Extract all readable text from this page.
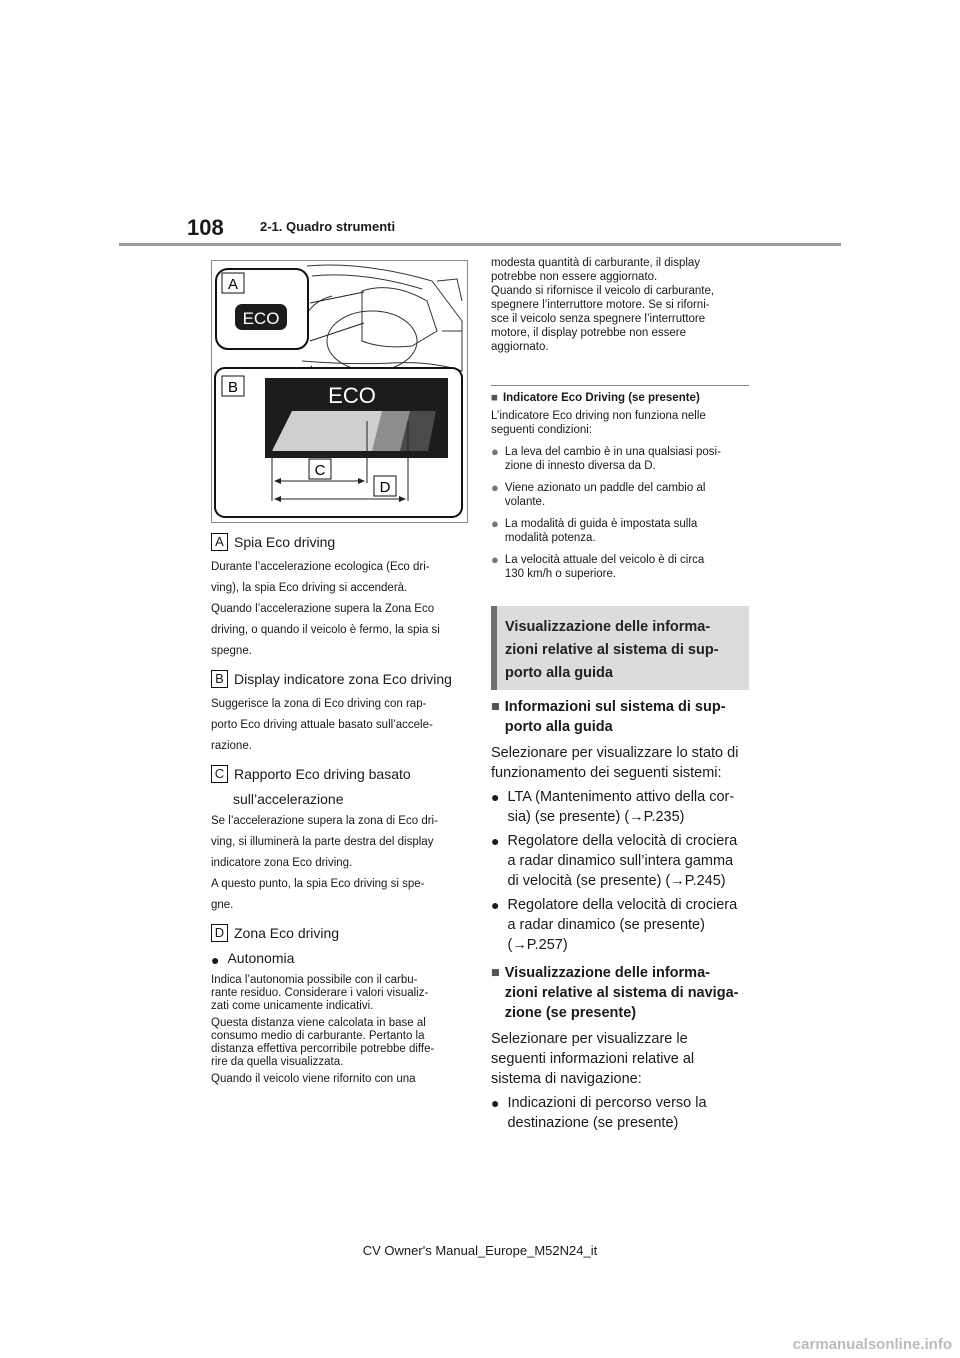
108	2-1. Quadro strumenti
A
ECO
B	ECO
C
D
A Spia Eco driving
Durante l’accelerazione ecologica (Eco dri-
ving), la spia Eco driving si accenderà.
Quando l’accelerazione supera la Zona Eco
driving, o quando il veicolo è fermo, la spia si
spegne.
B Display indicatore zona Eco driving
Suggerisce la zona di Eco driving con rap-
porto Eco driving attuale basato sull’accele-
razione.
C Rapporto Eco driving basato
sull’accelerazione
Se l’accelerazione supera la zona di Eco dri-
ving, si illuminerà la parte destra del display
indicatore zona Eco driving.
A questo punto, la spia Eco driving si spe-
gne.
D Zona Eco driving
● Autonomia
Indica l’autonomia possibile con il carbu-
rante residuo. Considerare i valori visualiz-
zati come unicamente indicativi.
Questa distanza viene calcolata in base al
consumo medio di carburante. Pertanto la
distanza effettiva percorribile potrebbe diffe-
rire da quella visualizzata.
Quando il veicolo viene rifornito con una
modesta quantità di carburante, il display
potrebbe non essere aggiornato.
Quando si rifornisce il veicolo di carburante,
spegnere l’interruttore motore. Se si riforni-
sce il veicolo senza spegnere l’interruttore
motore, il display potrebbe non essere
aggiornato.
■ Indicatore Eco Driving (se presente)
L’indicatore Eco driving non funziona nelle
seguenti condizioni:
● La leva del cambio è in una qualsiasi posi-
zione di innesto diversa da D.
● Viene azionato un paddle del cambio al
volante.
● La modalità di guida è impostata sulla
modalità potenza.
● La velocità attuale del veicolo è di circa
130 km/h o superiore.
Visualizzazione delle informa-
zioni relative al sistema di sup-
porto alla guida
■ Informazioni sul sistema di sup-
porto alla guida
Selezionare per visualizzare lo stato di
funzionamento dei seguenti sistemi:
● LTA (Mantenimento attivo della cor-
sia) (se presente) (→P.235)
● Regolatore della velocità di crociera
a radar dinamico sull’intera gamma
di velocità (se presente) (→P.245)
● Regolatore della velocità di crociera
a radar dinamico (se presente)
(→P.257)
■ Visualizzazione delle informa-
zioni relative al sistema di naviga-
zione (se presente)
Selezionare per visualizzare le
seguenti informazioni relative al
sistema di navigazione:
● Indicazioni di percorso verso la
destinazione (se presente)
CV Owner's Manual_Europe_M52N24_it
carmanualsonline.info
